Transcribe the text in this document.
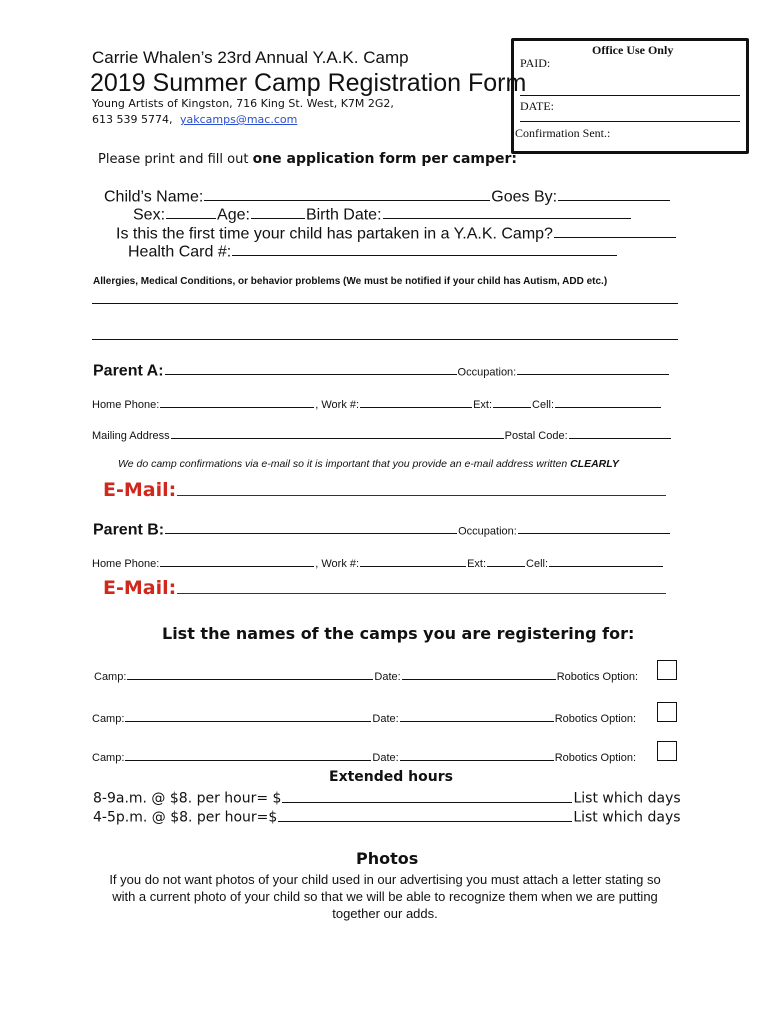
Carrie Whalen’s 23rd Annual Y.A.K. Camp
2019 Summer Camp Registration Form
Young Artists of Kingston, 716 King St. West, K7M 2G2,
613 539 5774, yakcamps@mac.com
Office Use Only
PAID:
DATE:
Confirmation Sent.:
Please print and fill out one application form per camper:
Child’s Name:	Goes By:
Sex:	Age:	Birth Date:
Is this the first time your child has partaken in a Y.A.K. Camp?
Health Card #:
Allergies, Medical Conditions, or behavior problems (We must be notified if your child has Autism, ADD etc.)
Parent A:	Occupation:
Home Phone:	, Work #:	Ext:	Cell:
Mailing Address	Postal Code:
We do camp confirmations via e-mail so it is important that you provide an e-mail address written CLEARLY
E-Mail:
Parent B:	Occupation:
Home Phone:	, Work #:	Ext:	Cell:
E-Mail:
List the names of the camps you are registering for:
Camp:	Date:	Robotics Option:
Camp:	Date:	Robotics Option:
Camp:	Date:	Robotics Option:
Extended hours
8-9a.m. @ $8. per hour= $	List which days
4-5p.m. @ $8. per hour=$	List which days
Photos
If you do not want photos of your child used in our advertising you must attach a letter stating so
with a current photo of your child so that we will be able to recognize them when we are putting
together our adds.
